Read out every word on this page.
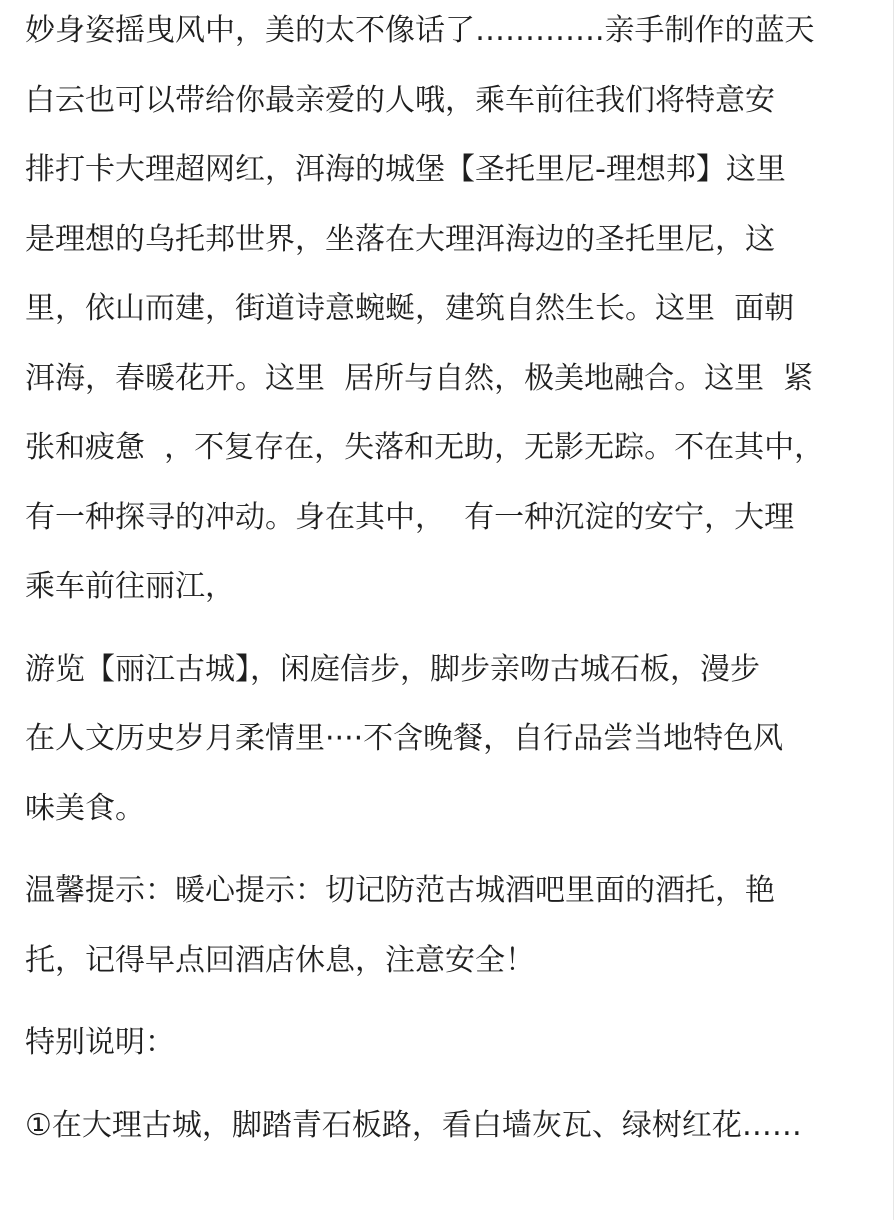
妙身姿摇曳风中，美的太不像话了………….亲手制作的蓝天
白云也可以带给你最亲爱的人哦，乘车前往我们将特意安
排打卡大理超网红，洱海的城堡【圣托里尼-理想邦】这里
是理想的乌托邦世界，坐落在大理洱海边的圣托里尼，这
里，依山而建，街道诗意蜿蜒，建筑自然生长。这里  面朝
洱海，春暖花开。这里  居所与自然，极美地融合。这里  紧
张和疲惫  ，不复存在，失落和无助，无影无踪。不在其中，
有一种探寻的冲动。身在其中，  有一种沉淀的安宁，大理
乘车前往丽江，

游览【丽江古城】，闲庭信步，脚步亲吻古城石板，漫步
在人文历史岁月柔情里····不含晚餐，自行品尝当地特色风
味美食。

温馨提示：暖心提示：切记防范古城酒吧里面的酒托，艳
托，记得早点回酒店休息，注意安全！

特别说明：

①在大理古城，脚踏青石板路，看白墙灰瓦、绿树红花……
